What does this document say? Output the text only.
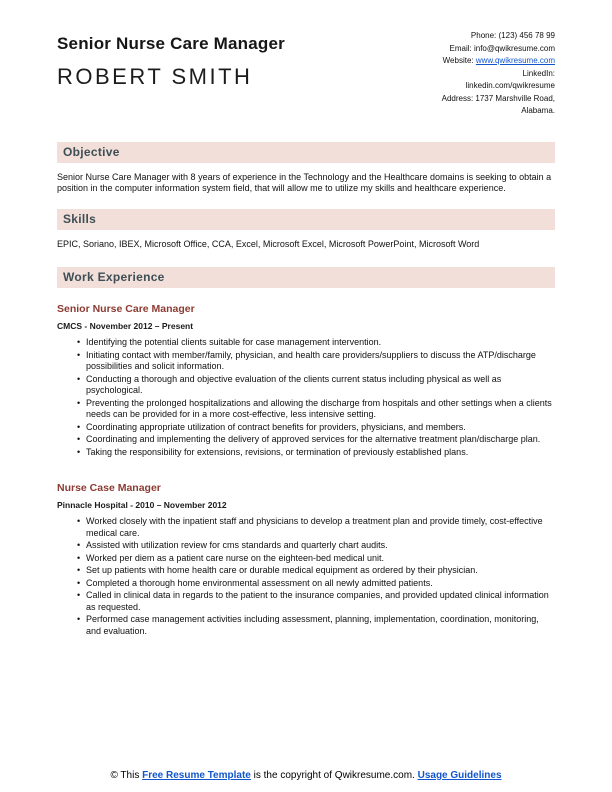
Senior Nurse Care Manager
ROBERT SMITH
Phone: (123) 456 78 99
Email: info@qwikresume.com
Website: www.qwikresume.com
LinkedIn:
linkedin.com/qwikresume
Address: 1737 Marshville Road,
Alabama.
Objective

Senior Nurse Care Manager with 8 years of experience in the Technology and the Healthcare domains is seeking to obtain a position in the computer information system field, that will allow me to utilize my skills and healthcare experience.

Skills

EPIC, Soriano, IBEX, Microsoft Office, CCA, Excel, Microsoft Excel, Microsoft PowerPoint, Microsoft Word

Work Experience
Senior Nurse Care Manager
CMCS - November 2012 – Present
• Identifying the potential clients suitable for case management intervention.
• Initiating contact with member/family, physician, and health care providers/suppliers to discuss the ATP/discharge possibilities and solicit information.
• Conducting a thorough and objective evaluation of the clients current status including physical as well as psychological.
• Preventing the prolonged hospitalizations and allowing the discharge from hospitals and other settings when a clients needs can be provided for in a more cost-effective, less intensive setting.
• Coordinating appropriate utilization of contract benefits for providers, physicians, and members.
• Coordinating and implementing the delivery of approved services for the alternative treatment plan/discharge plan.
• Taking the responsibility for extensions, revisions, or termination of previously established plans.
Nurse Case Manager
Pinnacle Hospital - 2010 – November 2012
• Worked closely with the inpatient staff and physicians to develop a treatment plan and provide timely, cost-effective medical care.
• Assisted with utilization review for cms standards and quarterly chart audits.
• Worked per diem as a patient care nurse on the eighteen-bed medical unit.
• Set up patients with home health care or durable medical equipment as ordered by their physician.
• Completed a thorough home environmental assessment on all newly admitted patients.
• Called in clinical data in regards to the patient to the insurance companies, and provided updated clinical information as requested.
• Performed case management activities including assessment, planning, implementation, coordination, monitoring, and evaluation.
© This Free Resume Template is the copyright of Qwikresume.com. Usage Guidelines
